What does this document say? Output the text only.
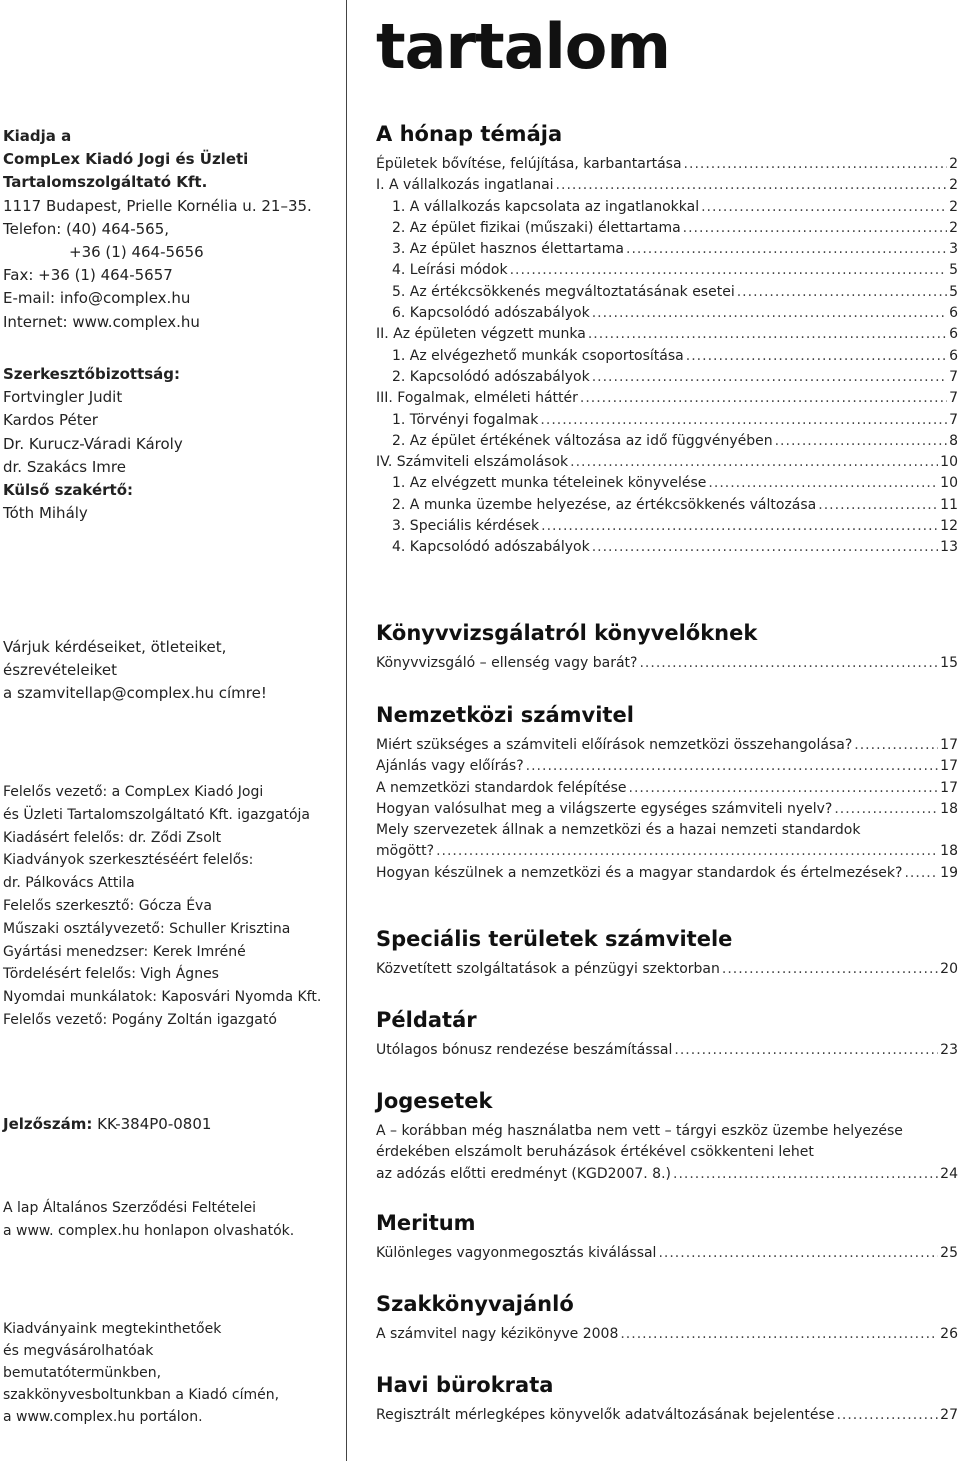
Kiadja a
CompLex Kiadó Jogi és Üzleti
Tartalomszolgáltató Kft.
1117 Budapest, Prielle Kornélia u. 21–35.
Telefon: (40) 464-565,
+36 (1) 464-5656
Fax: +36 (1) 464-5657
E-mail: info@complex.hu
Internet: www.complex.hu
Szerkesztőbizottság:
Fortvingler Judit
Kardos Péter
Dr. Kurucz-Váradi Károly
dr. Szakács Imre
Külső szakértő:
Tóth Mihály
Várjuk kérdéseiket, ötleteiket,
észrevételeiket
a szamvitellap@complex.hu címre!
Felelős vezető: a CompLex Kiadó Jogi
és Üzleti Tartalomszolgáltató Kft. igazgatója
Kiadásért felelős: dr. Ződi Zsolt
Kiadványok szerkesztéséért felelős:
dr. Pálkovács Attila
Felelős szerkesztő: Gócza Éva
Műszaki osztályvezető: Schuller Krisztina
Gyártási menedzser: Kerek Imréné
Tördelésért felelős: Vigh Ágnes
Nyomdai munkálatok: Kaposvári Nyomda Kft.
Felelős vezető: Pogány Zoltán igazgató
Jelzőszám: KK-384P0-0801
A lap Általános Szerződési Feltételei
a www. complex.hu honlapon olvashatók.
Kiadványaink megtekinthetőek
és megvásárolhatóak
bemutatótermünkben,
szakkönyvesboltunkban a Kiadó címén,
a www.complex.hu portálon.
tartalom
A hónap témája
Épületek bővítése, felújítása, karbantartása .....	2
I. A vállalkozás ingatlanai .....	2
1. A vállalkozás kapcsolata az ingatlanokkal .....	2
2. Az épület fizikai (műszaki) élettartama .....	2
3. Az épület hasznos élettartama .....	3
4. Leírási módok .....	5
5. Az értékcsökkenés megváltoztatásának esetei .....	5
6. Kapcsolódó adószabályok .....	6
II. Az épületen végzett munka .....	6
1. Az elvégezhető munkák csoportosítása .....	6
2. Kapcsolódó adószabályok .....	7
III. Fogalmak, elméleti háttér .....	7
1. Törvényi fogalmak .....	7
2. Az épület értékének változása az idő függvényében .....	8
IV. Számviteli elszámolások .....	10
1. Az elvégzett munka tételeinek könyvelése .....	10
2. A munka üzembe helyezése, az értékcsökkenés változása .....	11
3. Speciális kérdések .....	12
4. Kapcsolódó adószabályok .....	13
Könyvvizsgálatról könyvelőknek
Könyvvizsgáló – ellenség vagy barát? .....	15
Nemzetközi számvitel
Miért szükséges a számviteli előírások nemzetközi összehangolása? .....	17
Ajánlás vagy előírás? .....	17
A nemzetközi standardok felépítése .....	17
Hogyan valósulhat meg a világszerte egységes számviteli nyelv? .....	18
Mely szervezetek állnak a nemzetközi és a hazai nemzeti standardok
mögött? .....	18
Hogyan készülnek a nemzetközi és a magyar standardok és értelmezések? .....	19
Speciális területek számvitele
Közvetített szolgáltatások a pénzügyi szektorban .....	20
Példatár
Utólagos bónusz rendezése beszámítással .....	23
Jogesetek
A – korábban még használatba nem vett – tárgyi eszköz üzembe helyezése
érdekében elszámolt beruházások értékével csökkenteni lehet
az adózás előtti eredményt (KGD2007. 8.) .....	24
Meritum
Különleges vagyonmegosztás kiválással .....	25
Szakkönyvajánló
A számvitel nagy kézikönyve 2008 .....	26
Havi bürokrata
Regisztrált mérlegképes könyvelők adatváltozásának bejelentése .....	27
